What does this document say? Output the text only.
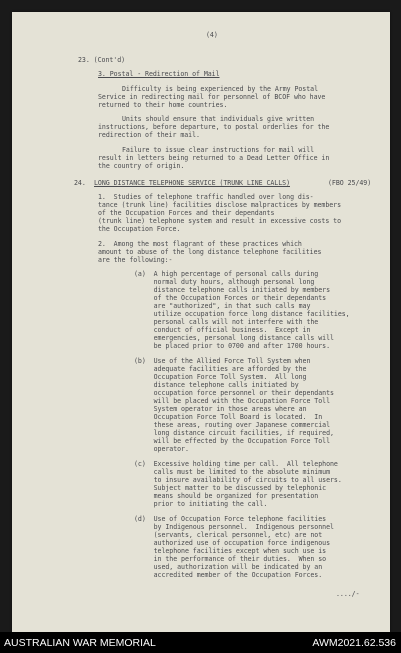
(4)
23. (Cont'd)
3. Postal - Redirection of Mail
Difficulty is being experienced by the Army Postal
Service in redirecting mail for personnel of BCOF who have
returned to their home countries.
Units should ensure that individuals give written
instructions, before departure, to postal orderlies for the
redirection of their mail.
Failure to issue clear instructions for mail will
result in letters being returned to a Dead Letter Office in
the country of origin.
24. LONG DISTANCE TELEPHONE SERVICE (TRUNK LINE CALLS)	(FBO 25/49)
1.  Studies of telephone traffic handled over long dis-
tance (trunk line) facilities disclose malpractices by members
of the Occupation Forces and their dependants
(trunk line) telephone system and result in excessive costs to
the Occupation Force.
2.  Among the most flagrant of these practices which
amount to abuse of the long distance telephone facilities
are the following:-
(a)  A high percentage of personal calls during
normal duty hours, although personal long
distance telephone calls initiated by members
of the Occupation Forces or their dependants
are "authorized", in that such calls may
utilize occupation force long distance facilities,
personal calls will not interfere with the
conduct of official business.  Except in
emergencies, personal long distance calls will
be placed prior to 0700 and after 1700 hours.
(b)  Use of the Allied Force Toll System when
adequate facilities are afforded by the
Occupation Force Toll System.  All long
distance telephone calls initiated by
occupation force personnel or their dependants
will be placed with the Occupation Force Toll
System operator in those areas where an
Occupation Force Toll Board is located.  In
these areas, routing over Japanese commercial
long distance circuit facilities, if required,
will be effected by the Occupation Force Toll
operator.
(c)  Excessive holding time per call.  All telephone
calls must be limited to the absolute minimum
to insure availability of circuits to all users.
Subject matter to be discussed by telephonic
means should be organized for presentation
prior to initiating the call.
(d)  Use of Occupation Force telephone facilities
by Indigenous personnel.  Indigenous personnel
(servants, clerical personnel, etc) are not
authorized use of occupation force indigenous
telephone facilities except when such use is
in the performance of their duties.  When so
used, authorization will be indicated by an
accredited member of the Occupation Forces.
..../-
AUSTRALIAN WAR MEMORIAL	AWM2021.62.536
